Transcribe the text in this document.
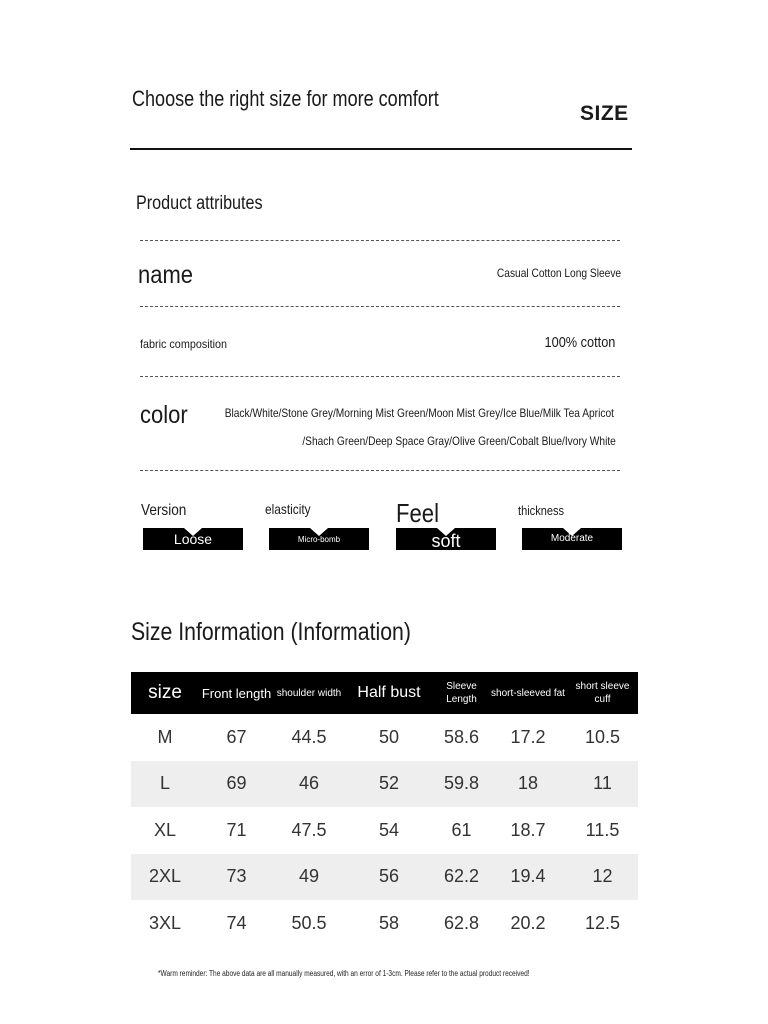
Choose the right size for more comfort
SIZE
Product attributes
name	Casual Cotton Long Sleeve
fabric composition	100% cotton
color	Black/White/Stone Grey/Morning Mist Green/Moon Mist Grey/Ice Blue/Milk Tea Apricot
/Shach Green/Deep Space Gray/Olive Green/Cobalt Blue/Ivory White
Version
Loose
elasticity
Micro-bomb
Feel
soft
thickness
Moderate
Size Information (Information)
size	Front length	shoulder width	Half bust	Sleeve Length	short-sleeved fat	short sleeve cuff
M	67	44.5	50	58.6	17.2	10.5
L	69	46	52	59.8	18	11
XL	71	47.5	54	61	18.7	11.5
2XL	73	49	56	62.2	19.4	12
3XL	74	50.5	58	62.8	20.2	12.5
*Warm reminder: The above data are all manually measured, with an error of 1-3cm. Please refer to the actual product received!
